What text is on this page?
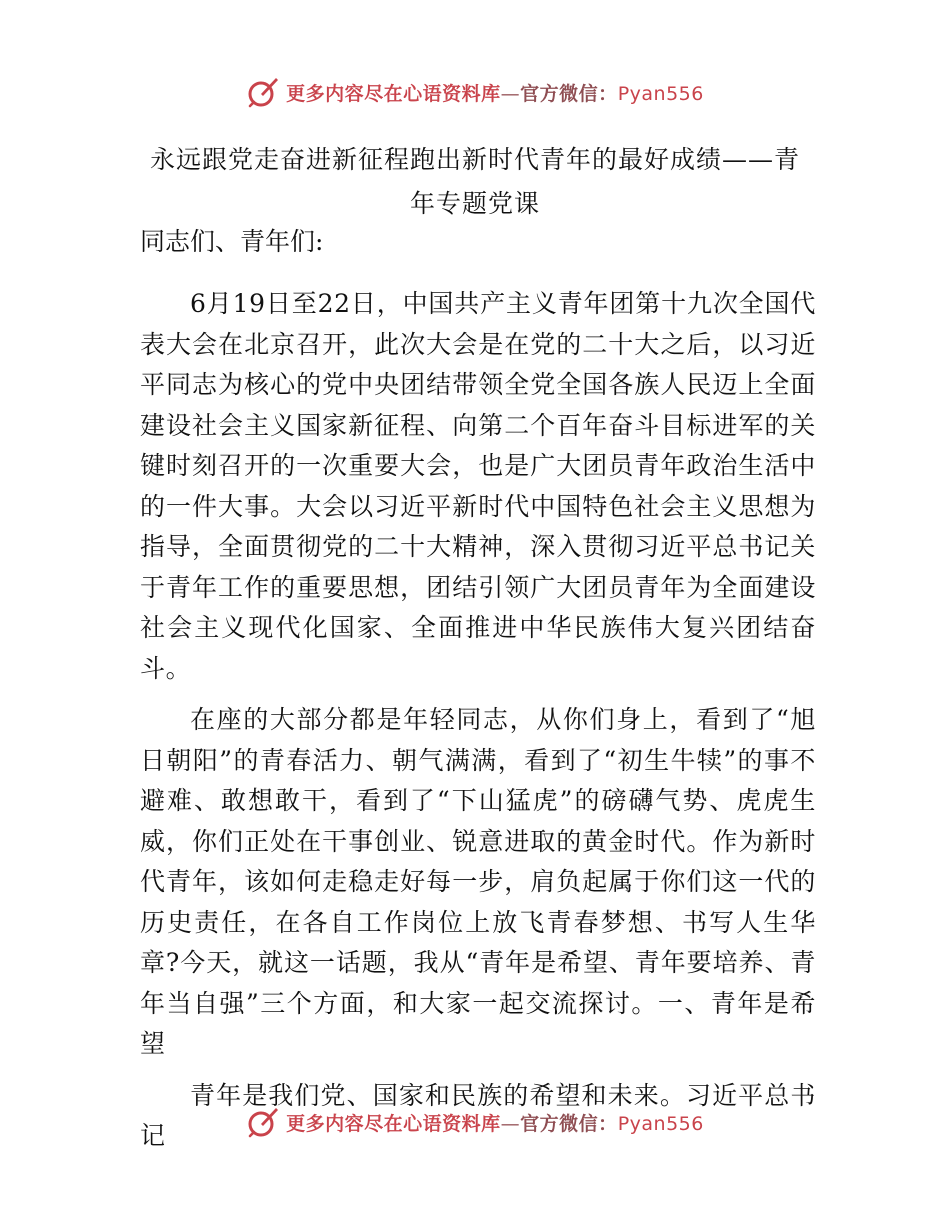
更多内容尽在心语资料库—官方微信：Pyan556
永远跟党走奋进新征程跑出新时代青年的最好成绩——青年专题党课
同志们、青年们:

6月19日至22日，中国共产主义青年团第十九次全国代表大会在北京召开，此次大会是在党的二十大之后，以习近平同志为核心的党中央团结带领全党全国各族人民迈上全面建设社会主义国家新征程、向第二个百年奋斗目标进军的关键时刻召开的一次重要大会，也是广大团员青年政治生活中的一件大事。大会以习近平新时代中国特色社会主义思想为指导，全面贯彻党的二十大精神，深入贯彻习近平总书记关于青年工作的重要思想，团结引领广大团员青年为全面建设社会主义现代化国家、全面推进中华民族伟大复兴团结奋斗。

在座的大部分都是年轻同志，从你们身上，看到了“旭日朝阳”的青春活力、朝气满满，看到了“初生牛犊”的事不避难、敢想敢干，看到了“下山猛虎”的磅礴气势、虎虎生威，你们正处在干事创业、锐意进取的黄金时代。作为新时代青年，该如何走稳走好每一步，肩负起属于你们这一代的历史责任，在各自工作岗位上放飞青春梦想、书写人生华章?今天，就这一话题，我从“青年是希望、青年要培养、青年当自强”三个方面，和大家一起交流探讨。一、青年是希望

青年是我们党、国家和民族的希望和未来。习近平总书记	更多内容尽在心语资料库—官方微信：Pyan556
